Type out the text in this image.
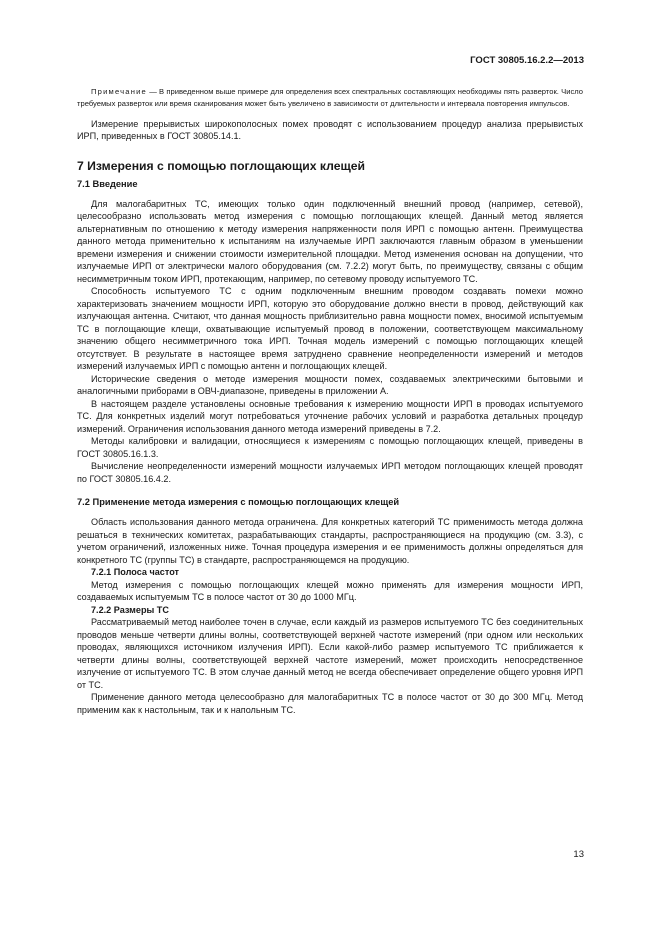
ГОСТ 30805.16.2.2—2013

Примечание — В приведенном выше примере для определения всех спектральных составляющих необходимы пять разверток. Число требуемых разверток или время сканирования может быть увеличено в зависимости от длительности и интервала повторения импульсов.

Измерение прерывистых широкополосных помех проводят с использованием процедур анализа прерывистых ИРП, приведенных в ГОСТ 30805.14.1.

7 Измерения с помощью поглощающих клещей
7.1 Введение

Для малогабаритных ТС, имеющих только один подключенный внешний провод (например, сетевой), целесообразно использовать метод измерения с помощью поглощающих клещей. Данный метод является альтернативным по отношению к методу измерения напряженности поля ИРП с помощью антенн. Преимущества данного метода применительно к испытаниям на излучаемые ИРП заключаются главным образом в уменьшении времени измерения и снижении стоимости измерительной площадки. Метод изменения основан на допущении, что излучаемые ИРП от электрически малого оборудования (см. 7.2.2) могут быть, по преимуществу, связаны с общим несимметричным током ИРП, протекающим, например, по сетевому проводу испытуемого ТС.

Способность испытуемого ТС с одним подключенным внешним проводом создавать помехи можно характеризовать значением мощности ИРП, которую это оборудование должно внести в провод, действующий как излучающая антенна. Считают, что данная мощность приблизительно равна мощности помех, вносимой испытуемым ТС в поглощающие клещи, охватывающие испытуемый провод в положении, соответствующем максимальному значению общего несимметричного тока ИРП. Точная модель измерений с помощью поглощающих клещей отсутствует. В результате в настоящее время затруднено сравнение неопределенности измерений и методов измерений излучаемых ИРП с помощью антенн и поглощающих клещей.

Исторические сведения о методе измерения мощности помех, создаваемых электрическими бытовыми и аналогичными приборами в ОВЧ-диапазоне, приведены в приложении А.

В настоящем разделе установлены основные требования к измерению мощности ИРП в проводах испытуемого ТС. Для конкретных изделий могут потребоваться уточнение рабочих условий и разработка детальных процедур измерений. Ограничения использования данного метода измерений приведены в 7.2.

Методы калибровки и валидации, относящиеся к измерениям с помощью поглощающих клещей, приведены в ГОСТ 30805.16.1.3.

Вычисление неопределенности измерений мощности излучаемых ИРП методом поглощающих клещей проводят по ГОСТ 30805.16.4.2.

7.2 Применение метода измерения с помощью поглощающих клещей

Область использования данного метода ограничена. Для конкретных категорий ТС применимость метода должна решаться в технических комитетах, разрабатывающих стандарты, распространяющиеся на продукцию (см. 3.3), с учетом ограничений, изложенных ниже. Точная процедура измерения и ее применимость должны определяться для конкретного ТС (группы ТС) в стандарте, распространяющемся на продукцию.

7.2.1 Полоса частот

Метод измерения с помощью поглощающих клещей можно применять для измерения мощности ИРП, создаваемых испытуемым ТС в полосе частот от 30 до 1000 МГц.

7.2.2 Размеры ТС

Рассматриваемый метод наиболее точен в случае, если каждый из размеров испытуемого ТС без соединительных проводов меньше четверти длины волны, соответствующей верхней частоте измерений (при одном или нескольких проводах, являющихся источником излучения ИРП). Если какой-либо размер испытуемого ТС приближается к четверти длины волны, соответствующей верхней частоте измерений, может происходить непосредственное излучение от испытуемого ТС. В этом случае данный метод не всегда обеспечивает определение общего уровня ИРП от ТС.

Применение данного метода целесообразно для малогабаритных ТС в полосе частот от 30 до 300 МГц. Метод применим как к настольным, так и к напольным ТС.

13
